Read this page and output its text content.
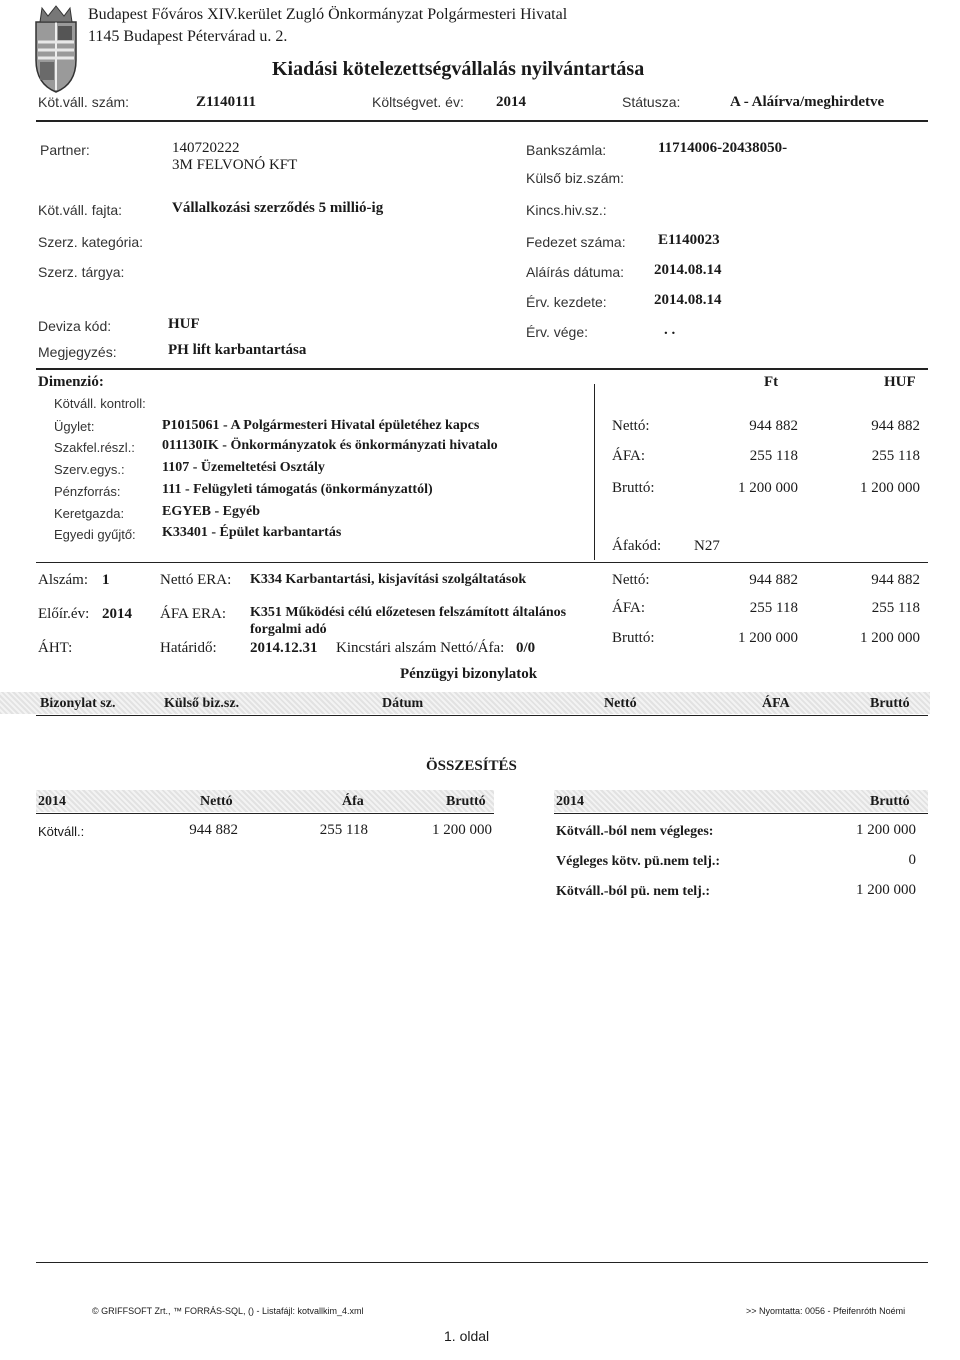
Budapest Főváros XIV.kerület Zugló Önkormányzat Polgármesteri Hivatal
1145 Budapest Pétervárad u. 2.
Kiadási kötelezettségvállalás nyilvántartása
Köt.váll. szám:	Z1140111	Költségvet. év: 2014	Státusza:	A - Aláírva/meghirdetve
Partner:	140720222
3M FELVONÓ KFT
Bankszámla:	11714006-20438050-
Külső biz.szám:
Köt.váll. fajta:	Vállalkozási szerződés 5 millió-ig	Kincs.hiv.sz.:
Szerz. kategória:	Fedezet száma: E1140023
Szerz. tárgya:	Aláírás dátuma: 2014.08.14
Érv. kezdete:	2014.08.14
Deviza kód:	HUF	Érv. vége:	. .
Megjegyzés:	PH lift karbantartása
Dimenzió:	Ft	HUF
Kötváll. kontroll:
Ügylet:	P1015061 - A Polgármesteri Hivatal épületéhez kapcs
Szakfel.részl.: 011130IK - Önkormányzatok és önkormányzati hivatalo
Szerv.egys.:	1107 - Üzemeltetési Osztály
Pénzforrás:	111 - Felügyleti támogatás (önkormányzattól)
Keretgazda:	EGYEB - Egyéb
Egyedi gyűjtő: K33401 - Épület karbantartás
Nettó:	944 882	944 882
ÁFA:	255 118	255 118
Bruttó:	1 200 000	1 200 000
Áfakód: N27
Alszám: 1	Nettó ERA: K334 Karbantartási, kisjavítási szolgáltatások	Nettó:	944 882	944 882
Előír.év: 2014 ÁFA ERA: K351 Működési célú előzetesen felszámított általános
forgalmi adó
ÁFA:	255 118	255 118
ÁHT:	Határidő: 2014.12.31 Kincstári alszám Nettó/Áfa: 0/0
Bruttó:	1 200 000	1 200 000
Pénzügyi bizonylatok
Bizonylat sz.	Külső biz.sz.	Dátum	Nettó	ÁFA	Bruttó
ÖSSZESÍTÉS
2014	Nettó	Áfa	Bruttó
Kötváll.:	944 882	255 118	1 200 000
2014	Bruttó
Kötváll.-ból nem végleges:	1 200 000
Végleges kötv. pü.nem telj.:	0
Kötváll.-ból pü. nem telj.:	1 200 000
© GRIFFSOFT Zrt., ™ FORRÁS-SQL, () - Listafájl: kotvallkim_4.xml	>> Nyomtatta: 0056 - Pfeifenróth Noémi
1. oldal
